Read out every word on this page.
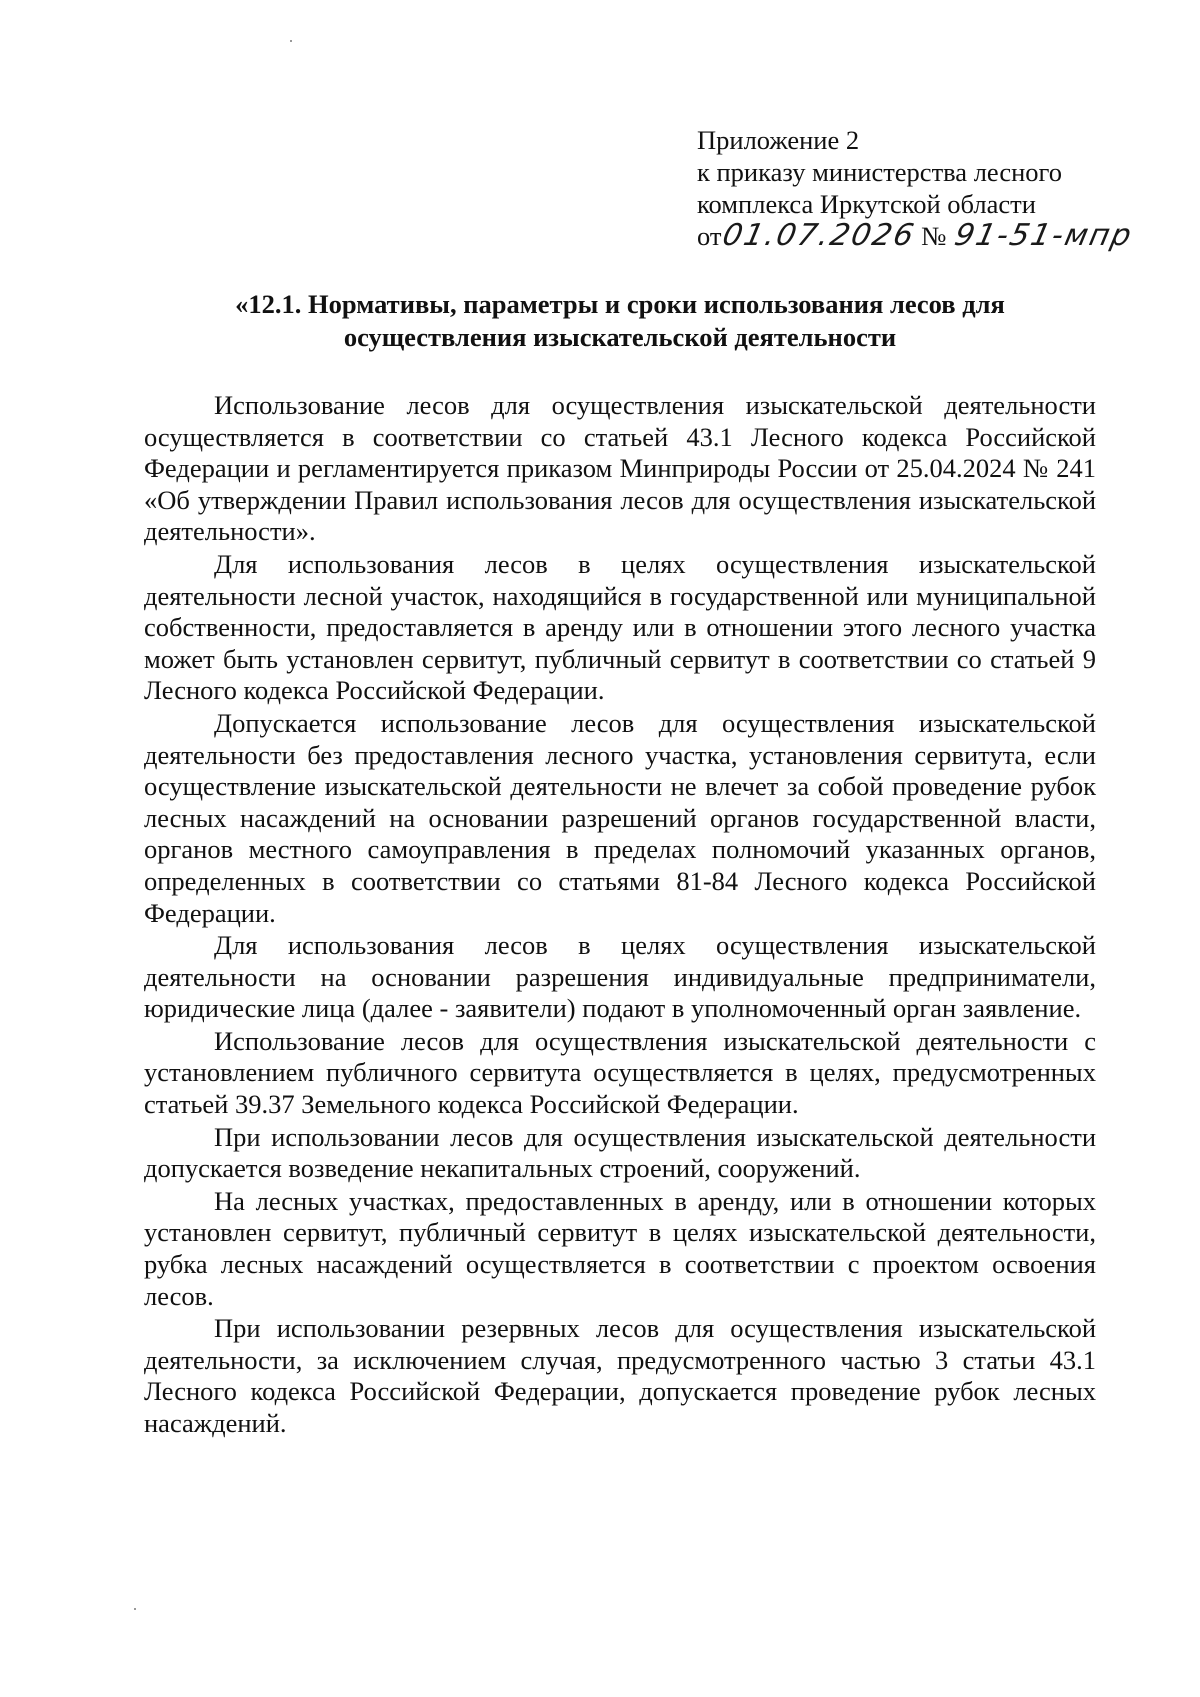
Приложение 2
к приказу министерства лесного
комплекса Иркутской области
от01.07.2026№ 91-51-мпр
«12.1. Нормативы, параметры и сроки использования лесов для
осуществления изыскательской деятельности

Использование лесов для осуществления изыскательской деятельности осуществляется в соответствии со статьей 43.1 Лесного кодекса Российской Федерации и регламентируется приказом Минприроды России от 25.04.2024 № 241 «Об утверждении Правил использования лесов для осуществления изыскательской деятельности».

Для использования лесов в целях осуществления изыскательской деятельности лесной участок, находящийся в государственной или муниципальной собственности, предоставляется в аренду или в отношении этого лесного участка может быть установлен сервитут, публичный сервитут в соответствии со статьей 9 Лесного кодекса Российской Федерации.

Допускается использование лесов для осуществления изыскательской деятельности без предоставления лесного участка, установления сервитута, если осуществление изыскательской деятельности не влечет за собой проведение рубок лесных насаждений на основании разрешений органов государственной власти, органов местного самоуправления в пределах полномочий указанных органов, определенных в соответствии со статьями 81-84 Лесного кодекса Российской Федерации.

Для использования лесов в целях осуществления изыскательской деятельности на основании разрешения индивидуальные предприниматели, юридические лица (далее - заявители) подают в уполномоченный орган заявление.

Использование лесов для осуществления изыскательской деятельности с установлением публичного сервитута осуществляется в целях, предусмотренных статьей 39.37 Земельного кодекса Российской Федерации.

При использовании лесов для осуществления изыскательской деятельности допускается возведение некапитальных строений, сооружений.

На лесных участках, предоставленных в аренду, или в отношении которых установлен сервитут, публичный сервитут в целях изыскательской деятельности, рубка лесных насаждений осуществляется в соответствии с проектом освоения лесов.

При использовании резервных лесов для осуществления изыскательской деятельности, за исключением случая, предусмотренного частью 3 статьи 43.1 Лесного кодекса Российской Федерации, допускается проведение рубок лесных насаждений.
